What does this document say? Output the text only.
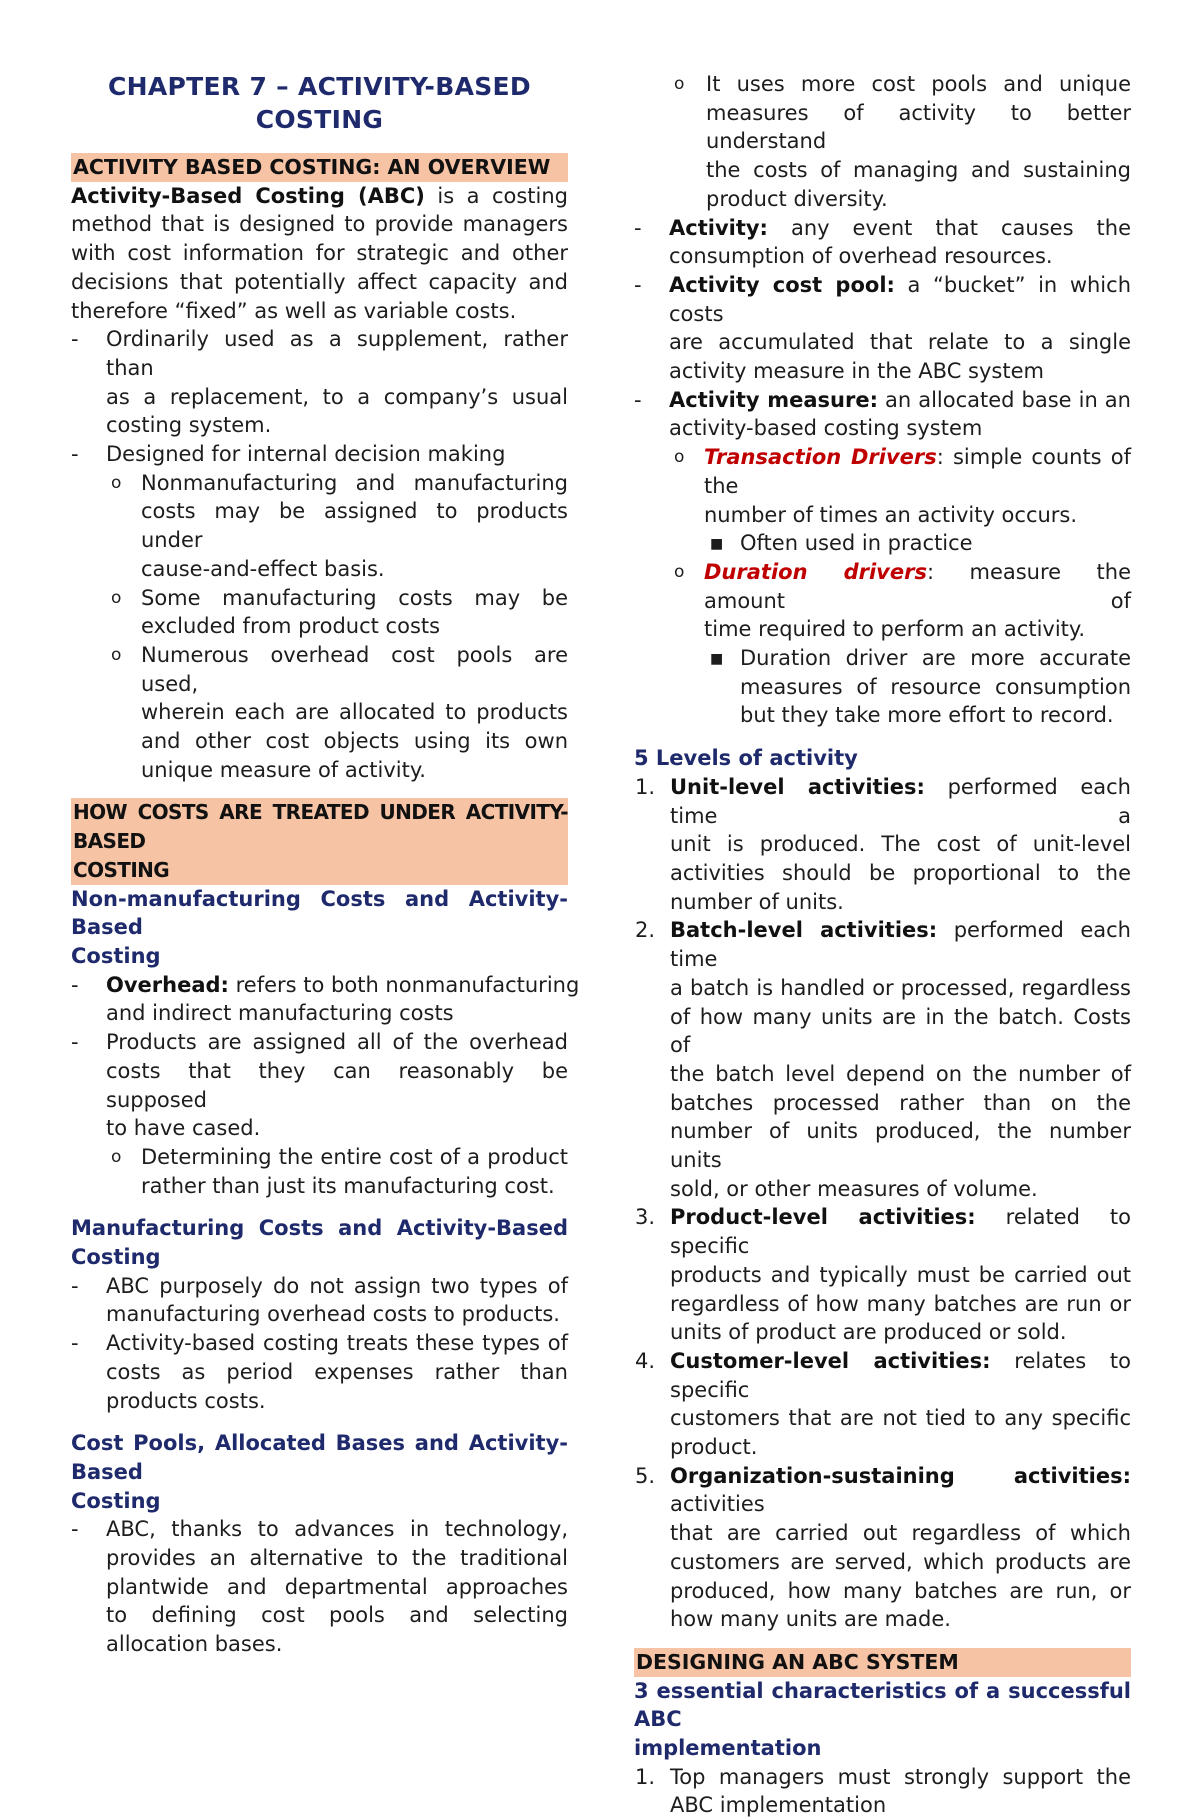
CHAPTER 7 – ACTIVITY-BASED
COSTING
ACTIVITY BASED COSTING: AN OVERVIEW
Activity-Based Costing (ABC) is a costing
method that is designed to provide managers
with cost information for strategic and other
decisions that potentially affect capacity and
therefore “fixed” as well as variable costs.
- Ordinarily used as a supplement, rather than
as a replacement, to a company’s usual
costing system.
- Designed for internal decision making
o Nonmanufacturing and manufacturing
costs may be assigned to products under
cause-and-effect basis.
o Some manufacturing costs may be
excluded from product costs
o Numerous overhead cost pools are used,
wherein each are allocated to products
and other cost objects using its own
unique measure of activity.
HOW COSTS ARE TREATED UNDER ACTIVITY-BASED
COSTING
Non-manufacturing Costs and Activity-Based
Costing
- Overhead: refers to both nonmanufacturing
and indirect manufacturing costs
- Products are assigned all of the overhead
costs that they can reasonably be supposed
to have cased.
o Determining the entire cost of a product
rather than just its manufacturing cost.
Manufacturing Costs and Activity-Based
Costing
- ABC purposely do not assign two types of
manufacturing overhead costs to products.
- Activity-based costing treats these types of
costs as period expenses rather than
products costs.
Cost Pools, Allocated Bases and Activity-Based
Costing
- ABC, thanks to advances in technology,
provides an alternative to the traditional
plantwide and departmental approaches
to defining cost pools and selecting
allocation bases.
o It uses more cost pools and unique
measures of activity to better understand
the costs of managing and sustaining
product diversity.
- Activity: any event that causes the
consumption of overhead resources.
- Activity cost pool: a “bucket” in which costs
are accumulated that relate to a single
activity measure in the ABC system
- Activity measure: an allocated base in an
activity-based costing system
o Transaction Drivers: simple counts of the
number of times an activity occurs.
■ Often used in practice
o Duration drivers: measure the amount of
time required to perform an activity.
■ Duration driver are more accurate
measures of resource consumption
but they take more effort to record.
5 Levels of activity
1. Unit-level activities: performed each time a
unit is produced. The cost of unit-level
activities should be proportional to the
number of units.
2. Batch-level activities: performed each time
a batch is handled or processed, regardless
of how many units are in the batch. Costs of
the batch level depend on the number of
batches processed rather than on the
number of units produced, the number units
sold, or other measures of volume.
3. Product-level activities: related to specific
products and typically must be carried out
regardless of how many batches are run or
units of product are produced or sold.
4. Customer-level activities: relates to specific
customers that are not tied to any specific
product.
5. Organization-sustaining activities: activities
that are carried out regardless of which
customers are served, which products are
produced, how many batches are run, or
how many units are made.
DESIGNING AN ABC SYSTEM
3 essential characteristics of a successful ABC
implementation
1. Top managers must strongly support the
ABC implementation
